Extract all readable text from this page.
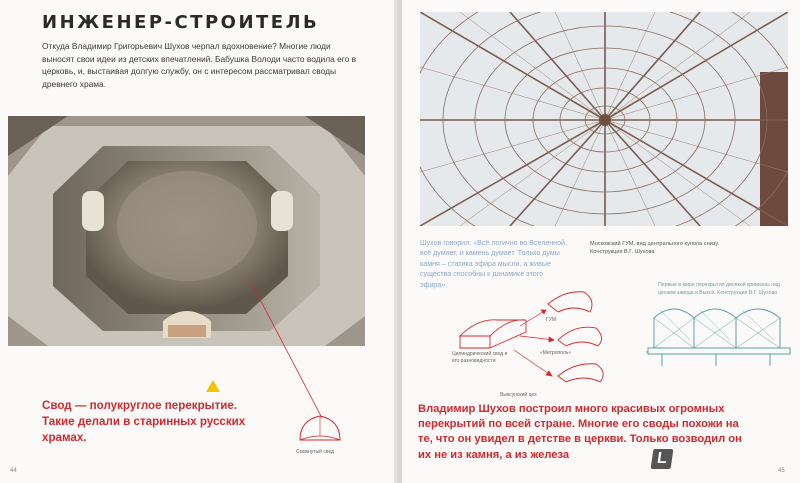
ИНЖЕНЕР-СТРОИТЕЛЬ
Откуда Владимир Григорьевич Шухов черпал вдохновение? Многие люди выносят свои идеи из детских впечатлений. Бабушка Володи часто водила его в церковь, и, выстаивая долгую службу, он с интересом рассматривал своды древнего храма.
Свод — полукруглое перекрытие. Такие делали в старинных русских храмах.
Сомкнутый свод
44
Московский ГУМ, вид центрального купола снизу. Конструкция В.Г. Шухова
Шухов говорил: «Всё логично во Вселенной, всё думает, и камень думает. Только думы камня – статика эфира мысли, а живые существа способны к динамике этого эфира».	Первые в мире перекрытия двоякой кривизны над цехами завода в Выксе. Конструкция В.Г. Шухова
Цилиндрический свод и его разновидности
ГУМ
«Метрополь»
Выксунский цех
Владимир Шухов построил много красивых огромных перекрытий по всей стране. Многие его своды похожи на те, что он увидел в детстве в церкви. Только возводил он их не из камня, а из железа	L
45
